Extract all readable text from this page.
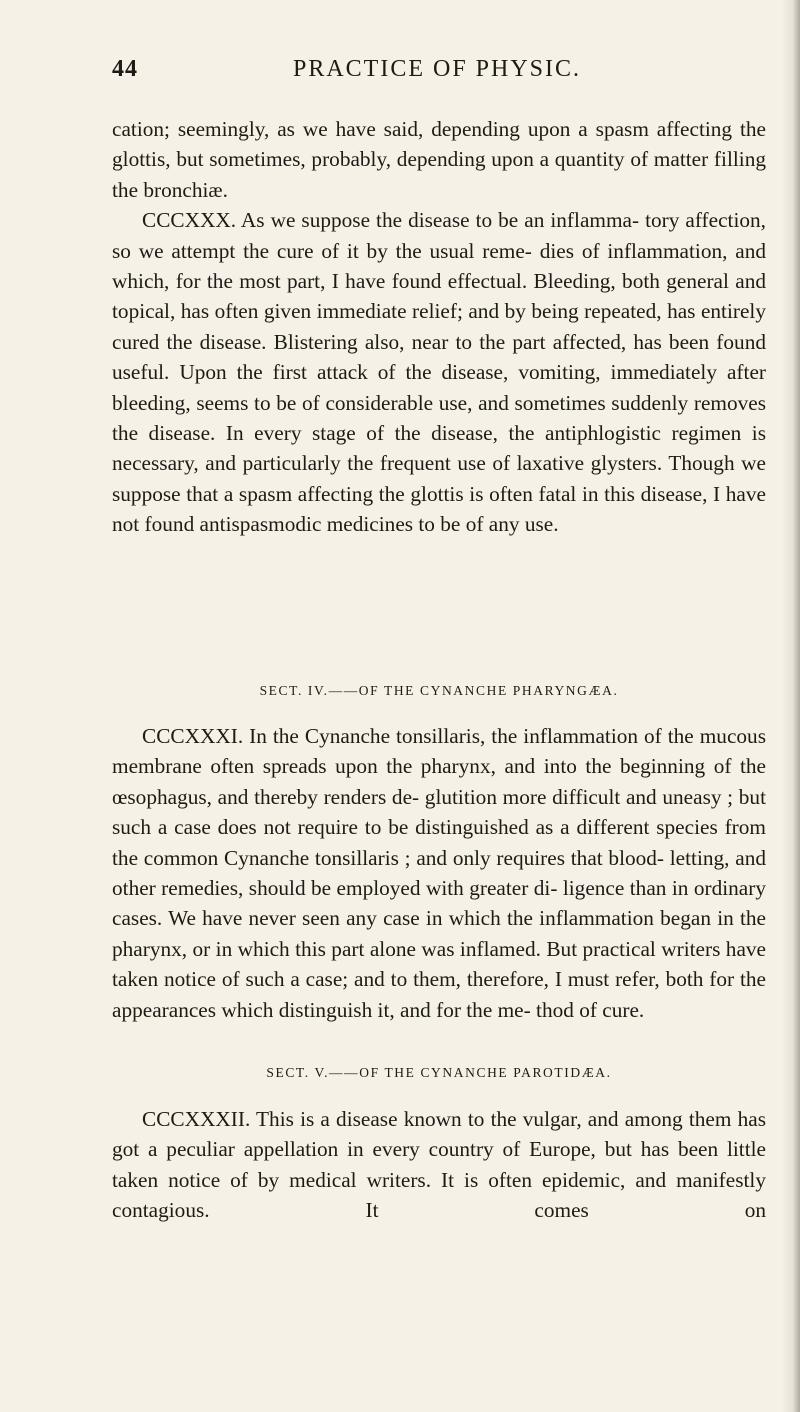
44	PRACTICE OF PHYSIC.

cation; seemingly, as we have said, depending upon a spasm affecting the glottis, but sometimes, probably, depending upon a quantity of matter filling the bronchiæ.

CCCXXX. As we suppose the disease to be an inflamma- tory affection, so we attempt the cure of it by the usual reme- dies of inflammation, and which, for the most part, I have found effectual. Bleeding, both general and topical, has often given immediate relief; and by being repeated, has entirely cured the disease. Blistering also, near to the part affected, has been found useful. Upon the first attack of the disease, vomiting, immediately after bleeding, seems to be of considerable use, and sometimes suddenly removes the disease. In every stage of the disease, the antiphlogistic regimen is necessary, and particularly the frequent use of laxative glysters. Though we suppose that a spasm affecting the glottis is often fatal in this disease, I have not found antispasmodic medicines to be of any use.

SECT. IV.——OF THE CYNANCHE PHARYNGÆA.

CCCXXXI. In the Cynanche tonsillaris, the inflammation of the mucous membrane often spreads upon the pharynx, and into the beginning of the œsophagus, and thereby renders de- glutition more difficult and uneasy ; but such a case does not require to be distinguished as a different species from the common Cynanche tonsillaris ; and only requires that blood- letting, and other remedies, should be employed with greater di- ligence than in ordinary cases. We have never seen any case in which the inflammation began in the pharynx, or in which this part alone was inflamed. But practical writers have taken notice of such a case; and to them, therefore, I must refer, both for the appearances which distinguish it, and for the me- thod of cure.

SECT. V.——OF THE CYNANCHE PAROTIDÆA.

CCCXXXII. This is a disease known to the vulgar, and among them has got a peculiar appellation in every country of Europe, but has been little taken notice of by medical writers. It is often epidemic, and manifestly contagious. It comes on
